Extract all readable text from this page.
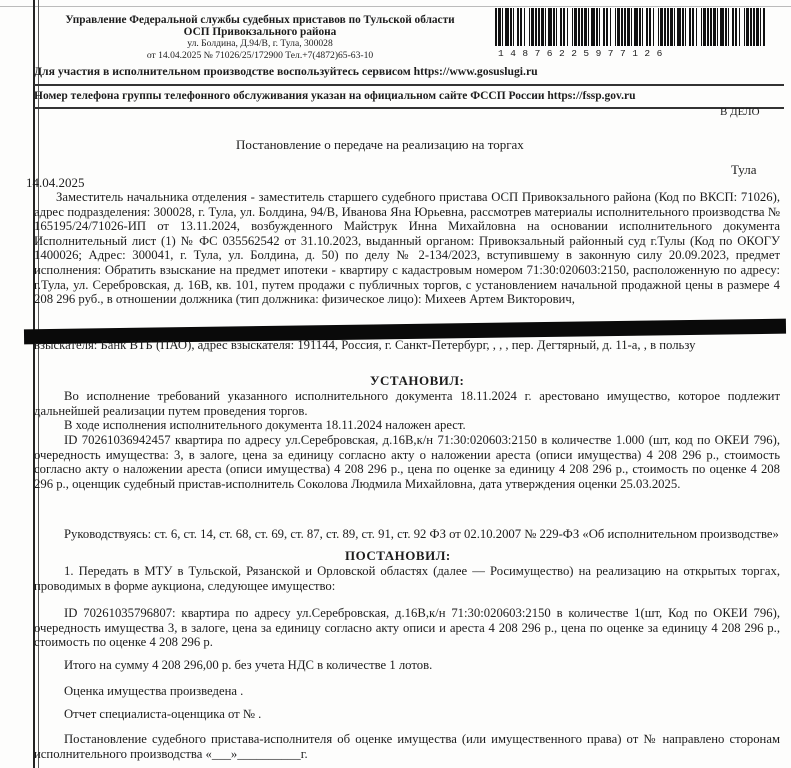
Управление Федеральной службы судебных приставов по Тульской области
ОСП Привокзального района
ул. Болдина, Д.94/В, г. Тула, 300028
от 14.04.2025 № 71026/25/172900 Тел.+7(4872)65-63-10	14876225977126
Для участия в исполнительном производстве воспользуйтесь сервисом https://www.gosuslugi.ru
Номер телефона группы телефонного обслуживания указан на официальном сайте ФССП России https://fssp.gov.ru
В ДЕЛО
Постановление о передаче на реализацию на торгах
Тула
14.04.2025
Заместитель начальника отделения - заместитель старшего судебного пристава ОСП Привокзального района (Код по ВКСП: 71026), адрес подразделения: 300028, г. Тула, ул. Болдина, 94/В, Иванова Яна Юрьевна, рассмотрев материалы исполнительного производства № 165195/24/71026-ИП от 13.11.2024, возбужденного Майструк Инна Михайловна на основании исполнительного документа Исполнительный лист (1) № ФС 035562542 от 31.10.2023, выданный органом: Привокзальный районный суд г.Тулы (Код по ОКОГУ 1400026; Адрес: 300041, г. Тула, ул. Болдина, д. 50) по делу № 2-134/2023, вступившему в законную силу 20.09.2023, предмет исполнения: Обратить взыскание на предмет ипотеки - квартиру с кадастровым номером 71:30:020603:2150, расположенную по адресу: г.Тула, ул. Серебровская, д. 16В, кв. 101, путем продажи с публичных торгов, с установлением начальной продажной цены в размере 4 208 296 руб., в отношении должника (тип должника: физическое лицо): Михеев Артем Викторович,
взыскателя: Банк ВТБ (ПАО), адрес взыскателя: 191144, Россия, г. Санкт-Петербург, , , , пер. Дегтярный, д. 11-а, , в пользу
УСТАНОВИЛ:
Во исполнение требований указанного исполнительного документа 18.11.2024 г. арестовано имущество, которое подлежит дальнейшей реализации путем проведения торгов.
В ходе исполнения исполнительного документа 18.11.2024 наложен арест.
ID 70261036942457 квартира по адресу ул.Серебровская, д.16В,к/н 71:30:020603:2150 в количестве 1.000 (шт, код по ОКЕИ 796), очередность имущества: 3, в залоге, цена за единицу согласно акту о наложении ареста (описи имущества) 4 208 296 р., стоимость согласно акту о наложении ареста (описи имущества) 4 208 296 р., цена по оценке за единицу 4 208 296 р., стоимость по оценке 4 208 296 р., оценщик судебный пристав-исполнитель Соколова Людмила Михайловна, дата утверждения оценки 25.03.2025.
Руководствуясь: ст. 6, ст. 14, ст. 68, ст. 69, ст. 87, ст. 89, ст. 91, ст. 92 ФЗ от 02.10.2007 № 229-ФЗ «Об исполнительном производстве»
ПОСТАНОВИЛ:
1. Передать в МТУ в Тульской, Рязанской и Орловской областях (далее — Росимущество) на реализацию на открытых торгах, проводимых в форме аукциона, следующее имущество:
ID 70261035796807: квартира по адресу ул.Серебровская, д.16В,к/н 71:30:020603:2150 в количестве 1(шт, Код по ОКЕИ 796), очередность имущества 3, в залоге, цена за единицу согласно акту описи и ареста 4 208 296 р., цена по оценке за единицу 4 208 296 р., стоимость по оценке 4 208 296 р.
Итого на сумму 4 208 296,00 р. без учета НДС в количестве 1 лотов.
Оценка имущества произведена .
Отчет специалиста-оценщика от № .
Постановление судебного пристава-исполнителя об оценке имущества (или имущественного права) от № направлено сторонам исполнительного производства «___»__________г.
